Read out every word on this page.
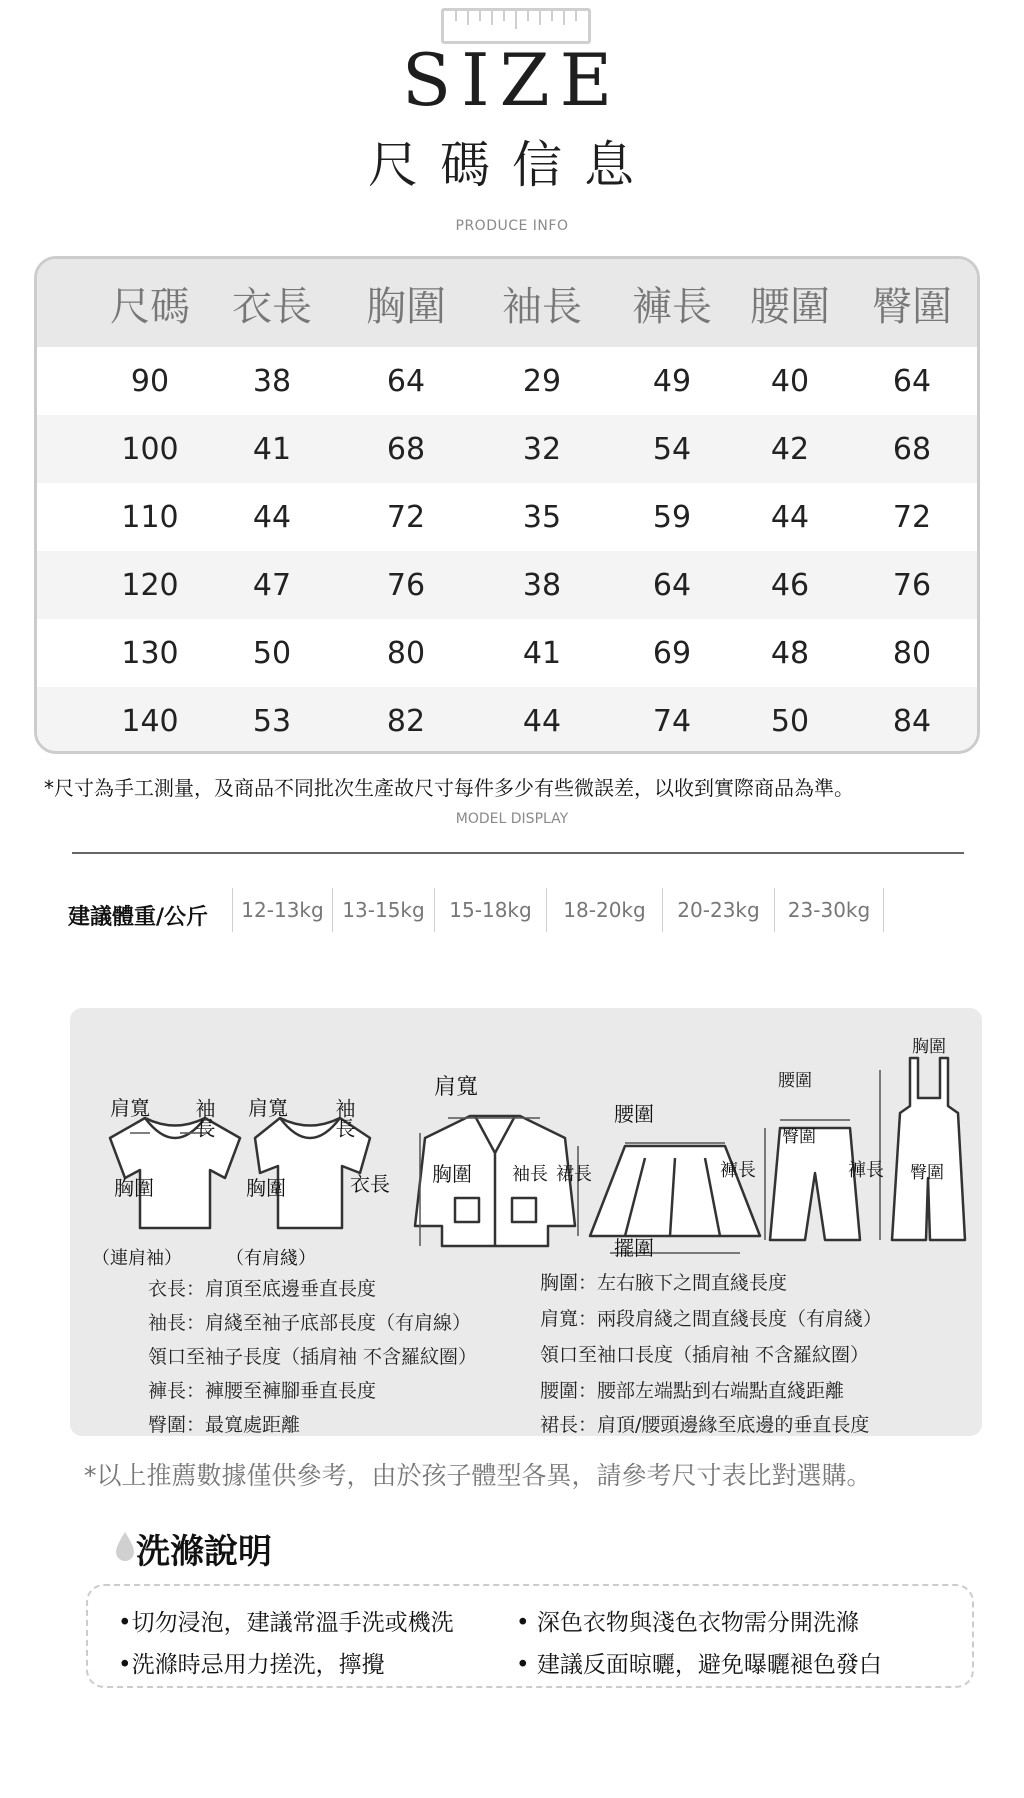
SIZE
尺碼信息
PRODUCE INFO
尺碼	衣長	胸圍	袖長	褲長 腰圍	臀圍
90	38	64	29	49	40	64
100	41	68	32	54	42	68
110	44	72	35	59	44	72
120	47	76	38	64	46	76
130	50	80	41	69	48	80
140	53	82	44	74	50	84
*尺寸為手工測量，及商品不同批次生產故尺寸每件多少有些微誤差，以收到實際商品為準。
MODEL DISPLAY
建議體重/公斤	12-13kg 13-15kg	15-18kg	18-20kg	20-23kg	23-30kg
肩寬 袖長
胸圍
肩寬 袖長
胸圍
肩寬
衣長 胸圍 袖長 裙長
腰圍
擺圍
腰圍
臀圍
褲長
胸圍
褲長 臀圍
（連肩袖） （有肩綫）
衣長：肩頂至底邊垂直長度
袖長：肩綫至袖子底部長度（有肩線）
領口至袖子長度（插肩袖 不含羅紋圈）
褲長：褲腰至褲腳垂直長度
臀圍：最寬處距離
胸圍：左右腋下之間直綫長度
肩寬：兩段肩綫之間直綫長度（有肩綫）
領口至袖口長度（插肩袖 不含羅紋圈）
腰圍：腰部左端點到右端點直綫距離
裙長：肩頂/腰頭邊緣至底邊的垂直長度
*以上推薦數據僅供參考，由於孩子體型各異，請參考尺寸表比對選購。
洗滌說明
•切勿浸泡，建議常溫手洗或機洗	• 深色衣物與淺色衣物需分開洗滌
•洗滌時忌用力搓洗，擰攪	• 建議反面晾曬，避免曝曬褪色發白
